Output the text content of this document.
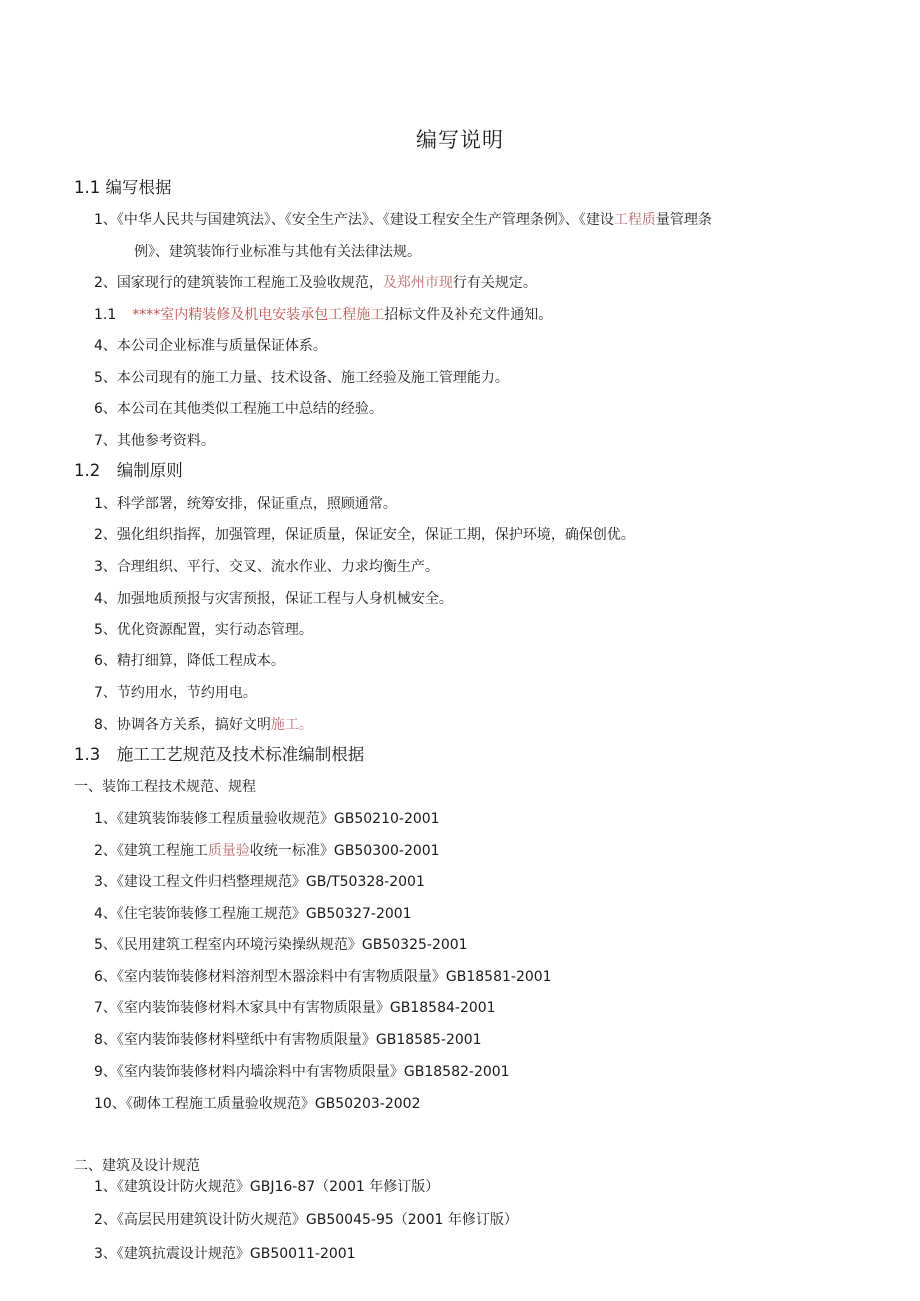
编写说明
1.1 编写根据
1、《中华人民共与国建筑法》、《安全生产法》、《建设工程安全生产管理条例》、《建设工程质量管理条
例》、建筑装饰行业标准与其他有关法律法规。
2、国家现行的建筑装饰工程施工及验收规范，及郑州市现行有关规定。
1.1 ****室内精装修及机电安装承包工程施工招标文件及补充文件通知。
4、本公司企业标准与质量保证体系。
5、本公司现有的施工力量、技术设备、施工经验及施工管理能力。
6、本公司在其他类似工程施工中总结的经验。
7、其他参考资料。
1.2　编制原则
1、科学部署，统筹安排，保证重点，照顾通常。
2、强化组织指挥，加强管理，保证质量，保证安全，保证工期，保护环境，确保创优。
3、合理组织、平行、交叉、流水作业、力求均衡生产。
4、加强地质预报与灾害预报，保证工程与人身机械安全。
5、优化资源配置，实行动态管理。
6、精打细算，降低工程成本。
7、节约用水，节约用电。
8、协调各方关系，搞好文明施工。
1.3　施工工艺规范及技术标准编制根据
一、装饰工程技术规范、规程
1、《建筑装饰装修工程质量验收规范》GB50210-2001
2、《建筑工程施工质量验收统一标准》GB50300-2001
3、《建设工程文件归档整理规范》GB/T50328-2001
4、《住宅装饰装修工程施工规范》GB50327-2001
5、《民用建筑工程室内环境污染操纵规范》GB50325-2001
6、《室内装饰装修材料溶剂型木器涂料中有害物质限量》GB18581-2001
7、《室内装饰装修材料木家具中有害物质限量》GB18584-2001
8、《室内装饰装修材料壁纸中有害物质限量》GB18585-2001
9、《室内装饰装修材料内墙涂料中有害物质限量》GB18582-2001
10、《砌体工程施工质量验收规范》GB50203-2002
二、建筑及设计规范
1、《建筑设计防火规范》GBJ16-87（2001 年修订版）
2、《高层民用建筑设计防火规范》GB50045-95（2001 年修订版）
3、《建筑抗震设计规范》GB50011-2001
